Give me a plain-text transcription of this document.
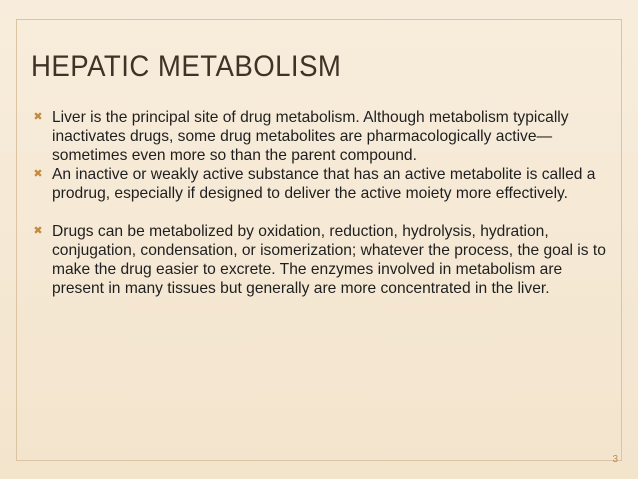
HEPATIC METABOLISM
✖ Liver is the principal site of drug metabolism. Although metabolism typically inactivates drugs, some drug metabolites are pharmacologically active—sometimes even more so than the parent compound.
✖ An inactive or weakly active substance that has an active metabolite is called a prodrug, especially if designed to deliver the active moiety more effectively.
✖ Drugs can be metabolized by oxidation, reduction, hydrolysis, hydration, conjugation, condensation, or isomerization; whatever the process, the goal is to make the drug easier to excrete. The enzymes involved in metabolism are present in many tissues but generally are more concentrated in the liver.
3
